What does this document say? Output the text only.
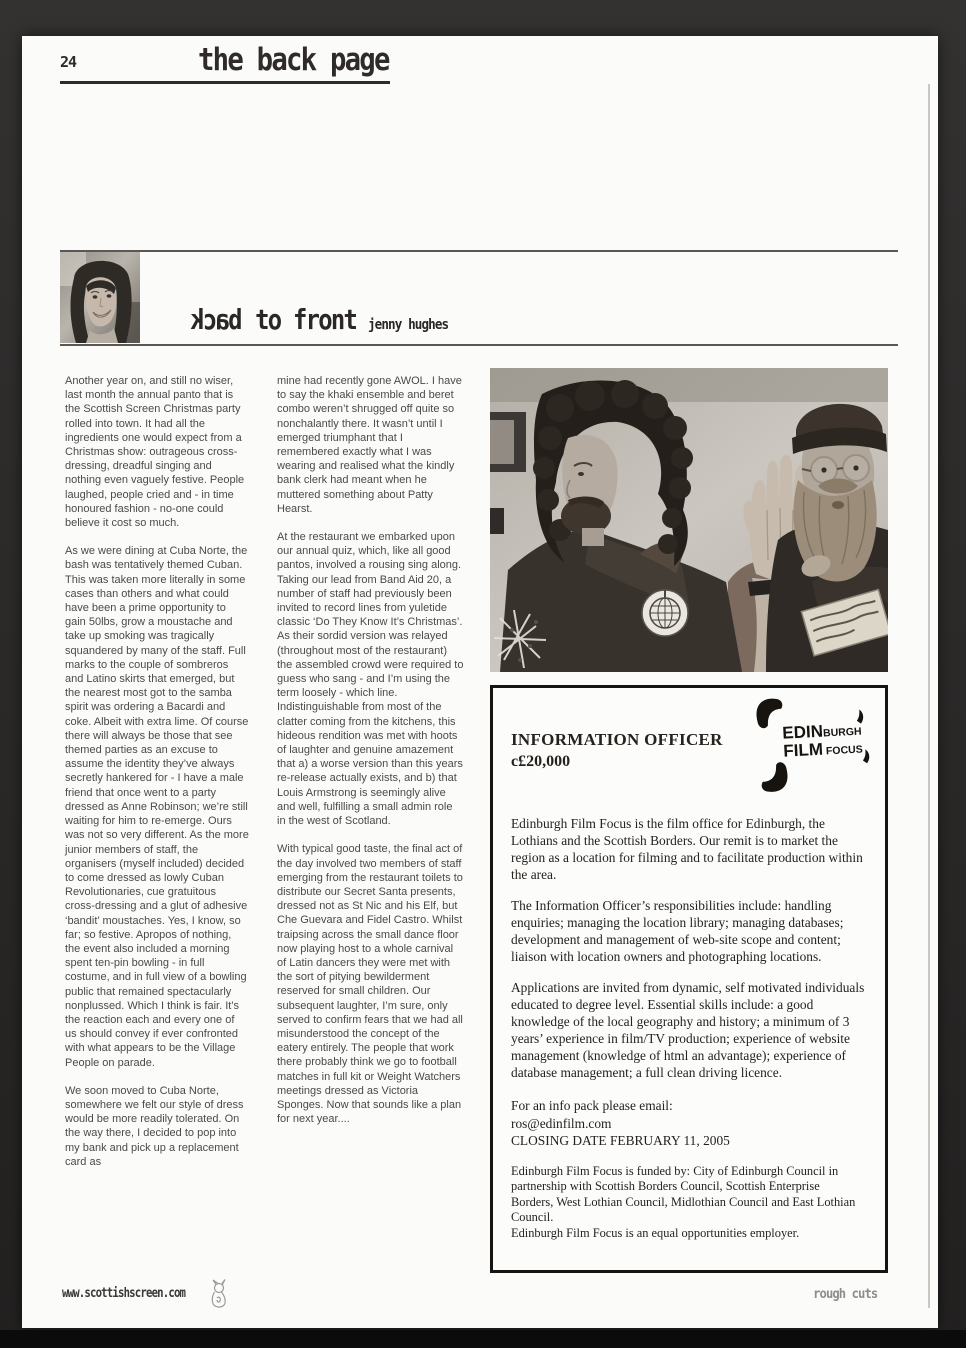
24	the back page
back to front jenny hughes

Another year on, and still no wiser, last month the annual panto that is the Scottish Screen Christmas party rolled into town. It had all the ingredients one would expect from a Christmas show: outrageous cross-dressing, dreadful singing and nothing even vaguely festive. People laughed, people cried and - in time honoured fashion - no-one could believe it cost so much.

As we were dining at Cuba Norte, the bash was tentatively themed Cuban. This was taken more literally in some cases than others and what could have been a prime opportunity to gain 50lbs, grow a moustache and take up smoking was tragically squandered by many of the staff. Full marks to the couple of sombreros and Latino skirts that emerged, but the nearest most got to the samba spirit was ordering a Bacardi and coke. Albeit with extra lime. Of course there will always be those that see themed parties as an excuse to assume the identity they’ve always secretly hankered for - I have a male friend that once went to a party dressed as Anne Robinson; we’re still waiting for him to re-emerge. Ours was not so very different. As the more junior members of staff, the organisers (myself included) decided to come dressed as lowly Cuban Revolutionaries, cue gratuitous cross-dressing and a glut of adhesive ‘bandit’ moustaches. Yes, I know, so far; so festive. Apropos of nothing, the event also included a morning spent ten-pin bowling - in full costume, and in full view of a bowling public that remained spectacularly nonplussed. Which I think is fair. It’s the reaction each and every one of us should convey if ever confronted with what appears to be the Village People on parade.

We soon moved to Cuba Norte, somewhere we felt our style of dress would be more readily tolerated. On the way there, I decided to pop into my bank and pick up a replacement card as

mine had recently gone AWOL. I have to say the khaki ensemble and beret combo weren’t shrugged off quite so nonchalantly there. It wasn’t until I emerged triumphant that I remembered exactly what I was wearing and realised what the kindly bank clerk had meant when he muttered something about Patty Hearst.

At the restaurant we embarked upon our annual quiz, which, like all good pantos, involved a rousing sing along. Taking our lead from Band Aid 20, a number of staff had previously been invited to record lines from yuletide classic ‘Do They Know It’s Christmas’. As their sordid version was relayed (throughout most of the restaurant) the assembled crowd were required to guess who sang - and I’m using the term loosely - which line. Indistinguishable from most of the clatter coming from the kitchens, this hideous rendition was met with hoots of laughter and genuine amazement that a) a worse version than this years re-release actually exists, and b) that Louis Armstrong is seemingly alive and well, fulfilling a small admin role in the west of Scotland.

With typical good taste, the final act of the day involved two members of staff emerging from the restaurant toilets to distribute our Secret Santa presents, dressed not as St Nic and his Elf, but Che Guevara and Fidel Castro. Whilst traipsing across the small dance floor now playing host to a whole carnival of Latin dancers they were met with the sort of pitying bewilderment reserved for small children. Our subsequent laughter, I’m sure, only served to confirm fears that we had all misunderstood the concept of the eatery entirely. The people that work there probably think we go to football matches in full kit or Weight Watchers meetings dressed as Victoria Sponges. Now that sounds like a plan for next year....

INFORMATION OFFICER
c£20,000
EDINBURGH
FILM FOCUS

Edinburgh Film Focus is the film office for Edinburgh, the Lothians and the Scottish Borders. Our remit is to market the region as a location for filming and to facilitate production within the area.

The Information Officer’s responsibilities include: handling enquiries; managing the location library; managing databases; development and management of web-site scope and content; liaison with location owners and photographing locations.

Applications are invited from dynamic, self motivated individuals educated to degree level. Essential skills include: a good knowledge of the local geography and history; a minimum of 3 years’ experience in film/TV production; experience of website management (knowledge of html an advantage); experience of database management; a full clean driving licence.

For an info pack please email:
ros@edinfilm.com
CLOSING DATE FEBRUARY 11, 2005

Edinburgh Film Focus is funded by: City of Edinburgh Council in partnership with Scottish Borders Council, Scottish Enterprise Borders, West Lothian Council, Midlothian Council and East Lothian Council.

Edinburgh Film Focus is an equal opportunities employer.

www.scottishscreen.com	rough cuts
